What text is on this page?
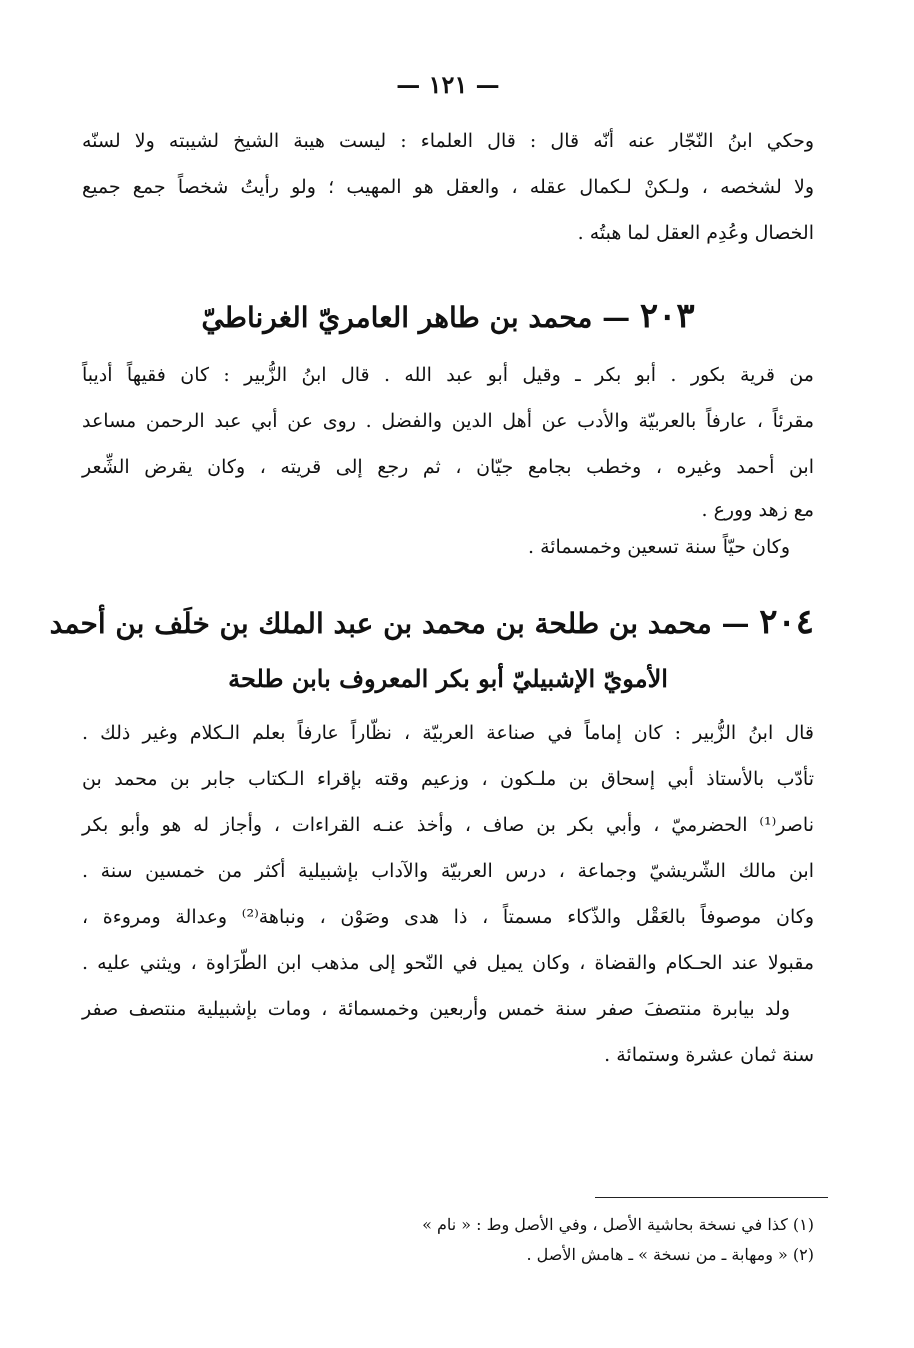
— ١٢١ —
وحكي ابنُ النّجّار عنه أنّه قال : قال العلماء : ليست هيبة الشيخ لشيبته ولا لسنّه
ولا لشخصه ، ولـكنْ لـكمال عقله ، والعقل هو المهيب ؛ ولو رأيتُ شخصاً جمع جميع
الخصال وعُدِم العقل لما هبتُه .
٢٠٣ — محمد بن طاهر العامريّ الغرناطيّ
من قرية بكور . أبو بكر ـ وقيل أبو عبد الله . قال ابنُ الزُّبير : كان فقيهاً أديباً
مقرئاً ، عارفاً بالعربيّة والأدب عن أهل الدين والفضل . روى عن أبي عبد الرحمن مساعد
ابن أحمد وغيره ، وخطب بجامع جيّان ، ثم رجع إلى قريته ، وكان يقرض الشِّعر
مع زهد وورع .
وكان حيّاً سنة تسعين وخمسمائة .
٢٠٤ — محمد بن طلحة بن محمد بن عبد الملك بن خلَف بن أحمد
الأمويّ الإشبيليّ أبو بكر المعروف بابن طلحة
قال ابنُ الزُّبير : كان إماماً في صناعة العربيّة ، نظّاراً عارفاً بعلم الـكلام وغير ذلك .
تأدّب بالأستاذ أبي إسحاق بن ملـكون ، وزعيم وقته بإقراء الـكتاب جابر بن محمد بن
ناصر⁽¹⁾ الحضرميّ ، وأبي بكر بن صاف ، وأخذ عنـه القراءات ، وأجاز له هو وأبو بكر
ابن مالك الشّريشيّ وجماعة ، درس العربيّة والآداب بإشبيلية أكثر من خمسين سنة .
وكان موصوفاً بالعَقْل والذّكاء مسمتاً ، ذا هدى وصَوْن ، ونباهة⁽²⁾ وعدالة ومروءة ،
مقبولا عند الحـكام والقضاة ، وكان يميل في النّحو إلى مذهب ابن الطّرَاوة ، ويثني عليه .
ولد بيابرة منتصفَ صفر سنة خمس وأربعين وخمسمائة ، ومات بإشبيلية منتصف صفر
سنة ثمان عشرة وستمائة .
(١) كذا في نسخة بحاشية الأصل ، وفي الأصل وط : « نام »
(٢) « ومهابة ـ من نسخة » ـ هامش الأصل .
